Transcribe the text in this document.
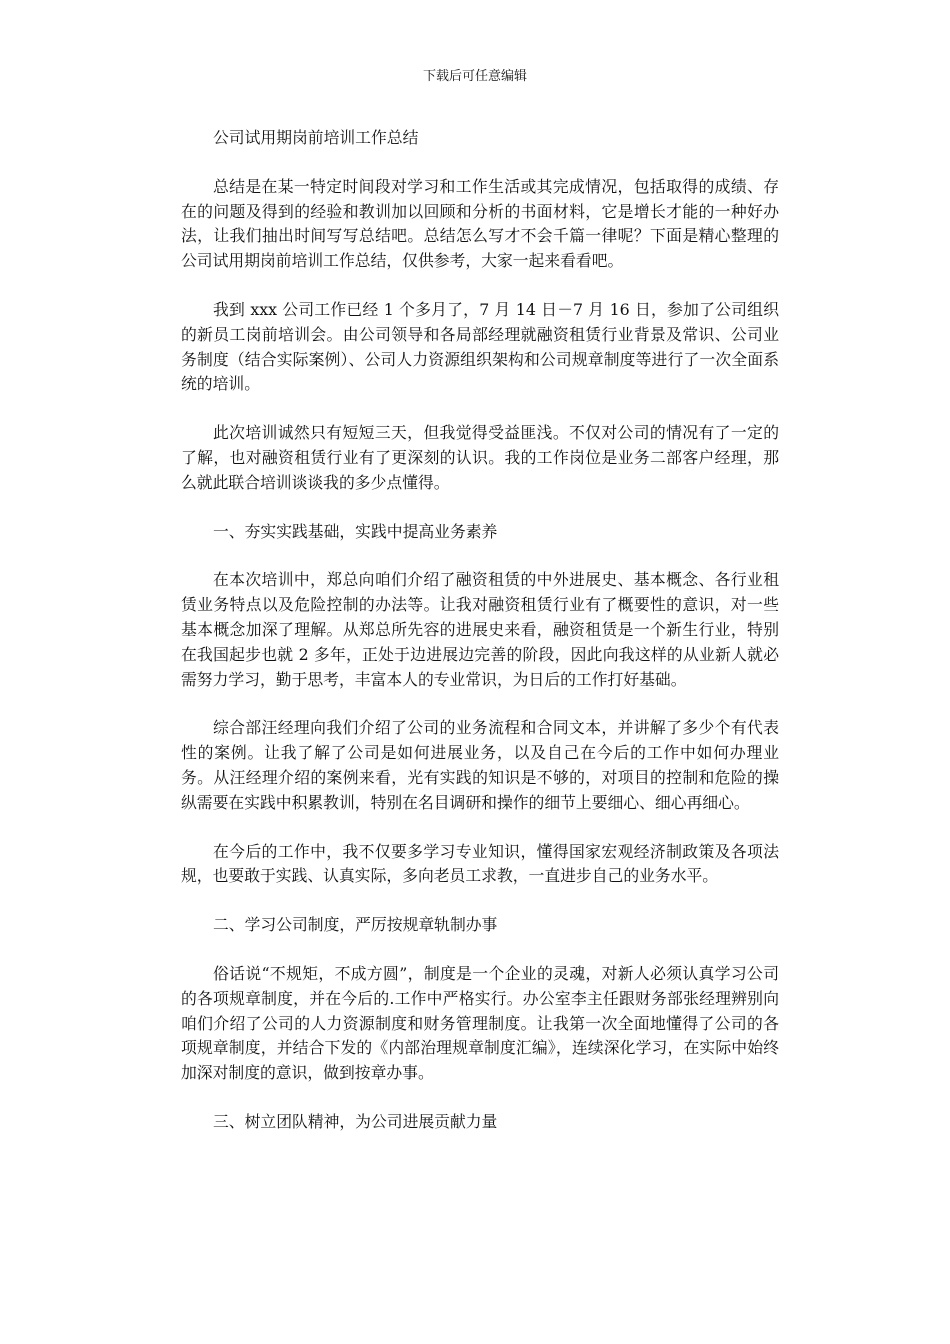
下载后可任意编辑

公司试用期岗前培训工作总结

总结是在某一特定时间段对学习和工作生活或其完成情况，包括取得的成绩、存在的问题及得到的经验和教训加以回顾和分析的书面材料，它是增长才能的一种好办法，让我们抽出时间写写总结吧。总结怎么写才不会千篇一律呢？下面是精心整理的公司试用期岗前培训工作总结，仅供参考，大家一起来看看吧。

我到 xxx 公司工作已经 1 个多月了，7 月 14 日－7 月 16 日，参加了公司组织的新员工岗前培训会。由公司领导和各局部经理就融资租赁行业背景及常识、公司业务制度（结合实际案例）、公司人力资源组织架构和公司规章制度等进行了一次全面系统的培训。

此次培训诚然只有短短三天，但我觉得受益匪浅。不仅对公司的情况有了一定的了解，也对融资租赁行业有了更深刻的认识。我的工作岗位是业务二部客户经理，那么就此联合培训谈谈我的多少点懂得。

一、夯实实践基础，实践中提高业务素养

在本次培训中，郑总向咱们介绍了融资租赁的中外进展史、基本概念、各行业租赁业务特点以及危险控制的办法等。让我对融资租赁行业有了概要性的意识，对一些基本概念加深了理解。从郑总所先容的进展史来看，融资租赁是一个新生行业，特别在我国起步也就 2 多年，正处于边进展边完善的阶段，因此向我这样的从业新人就必需努力学习，勤于思考，丰富本人的专业常识，为日后的工作打好基础。

综合部汪经理向我们介绍了公司的业务流程和合同文本，并讲解了多少个有代表性的案例。让我了解了公司是如何进展业务，以及自己在今后的工作中如何办理业务。从汪经理介绍的案例来看，光有实践的知识是不够的，对项目的控制和危险的操纵需要在实践中积累教训，特别在名目调研和操作的细节上要细心、细心再细心。

在今后的工作中，我不仅要多学习专业知识，懂得国家宏观经济制政策及各项法规，也要敢于实践、认真实际，多向老员工求教，一直进步自己的业务水平。

二、学习公司制度，严厉按规章轨制办事

俗话说“不规矩，不成方圆”，制度是一个企业的灵魂，对新人必须认真学习公司的各项规章制度，并在今后的.工作中严格实行。办公室李主任跟财务部张经理辨别向咱们介绍了公司的人力资源制度和财务管理制度。让我第一次全面地懂得了公司的各项规章制度，并结合下发的《内部治理规章制度汇编》，连续深化学习，在实际中始终加深对制度的意识，做到按章办事。

三、树立团队精神，为公司进展贡献力量
